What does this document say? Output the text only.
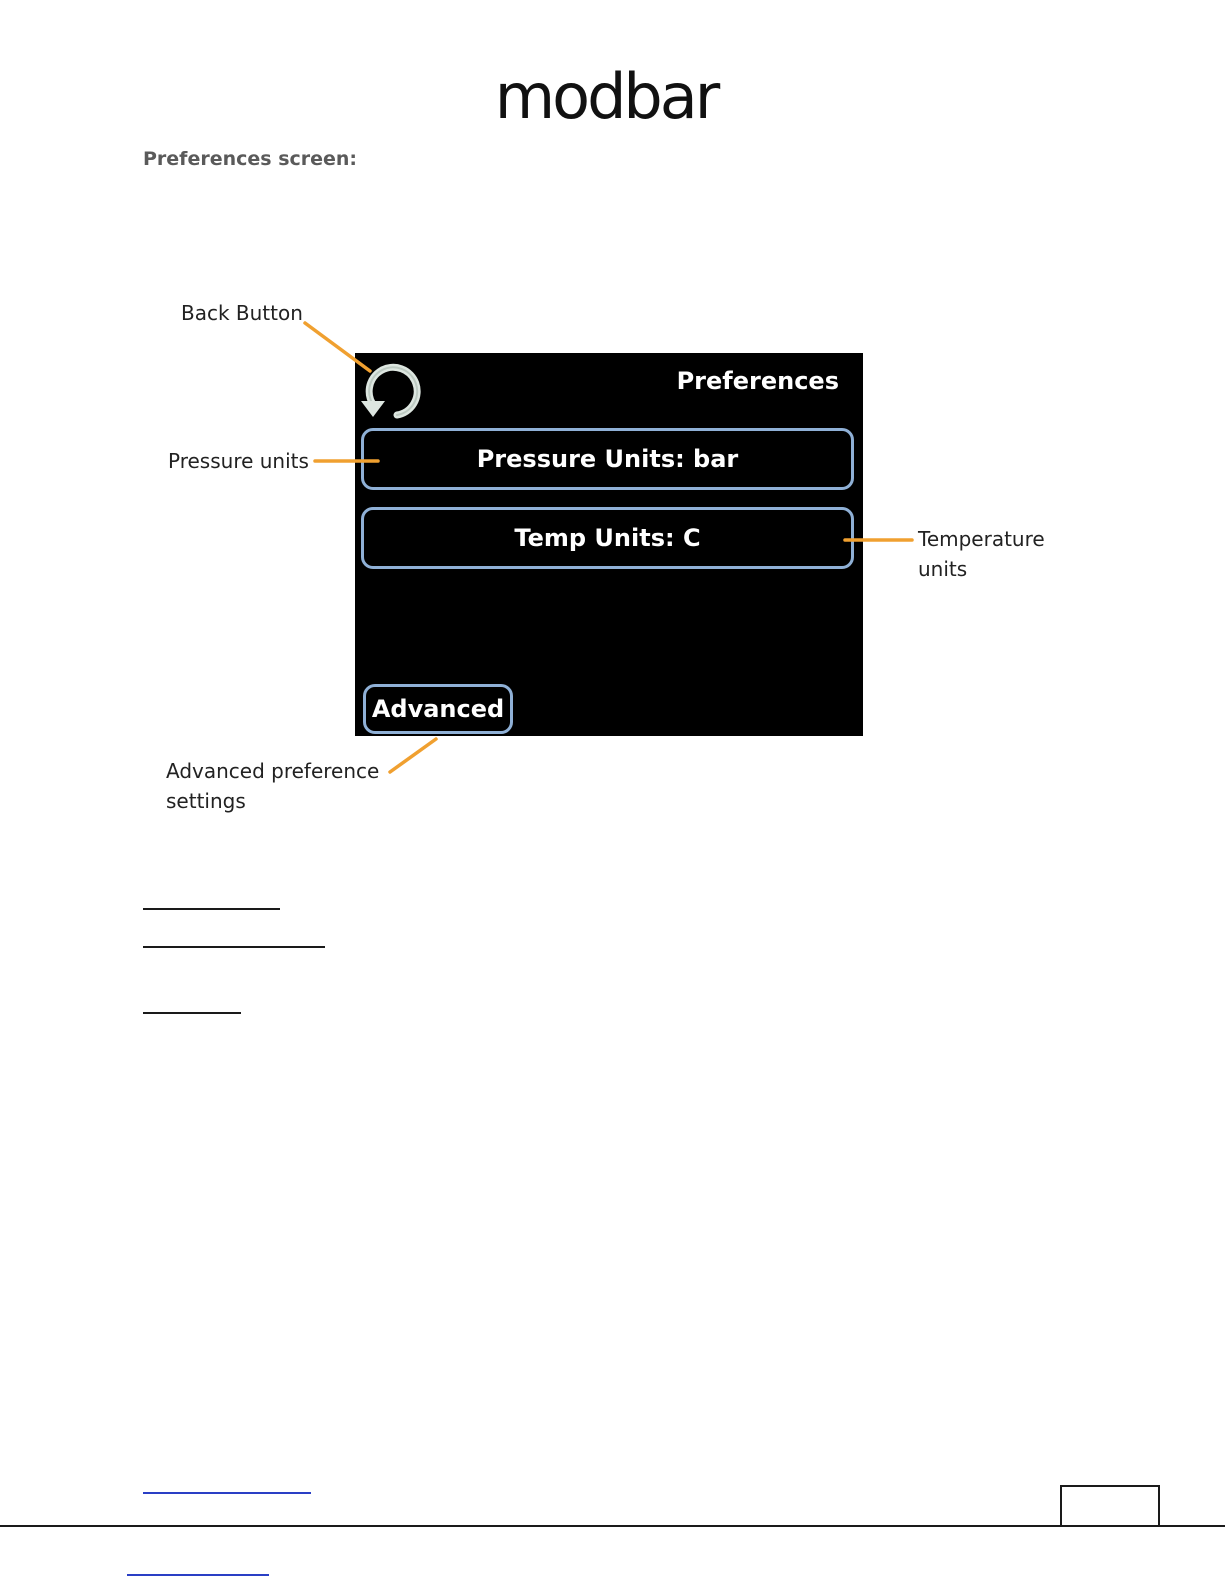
modbar
Preferences screen:
Back Button
Pressure units
Temperature
units
Advanced preference
settings
Preferences
Pressure Units: bar
Temp Units: C
Advanced
